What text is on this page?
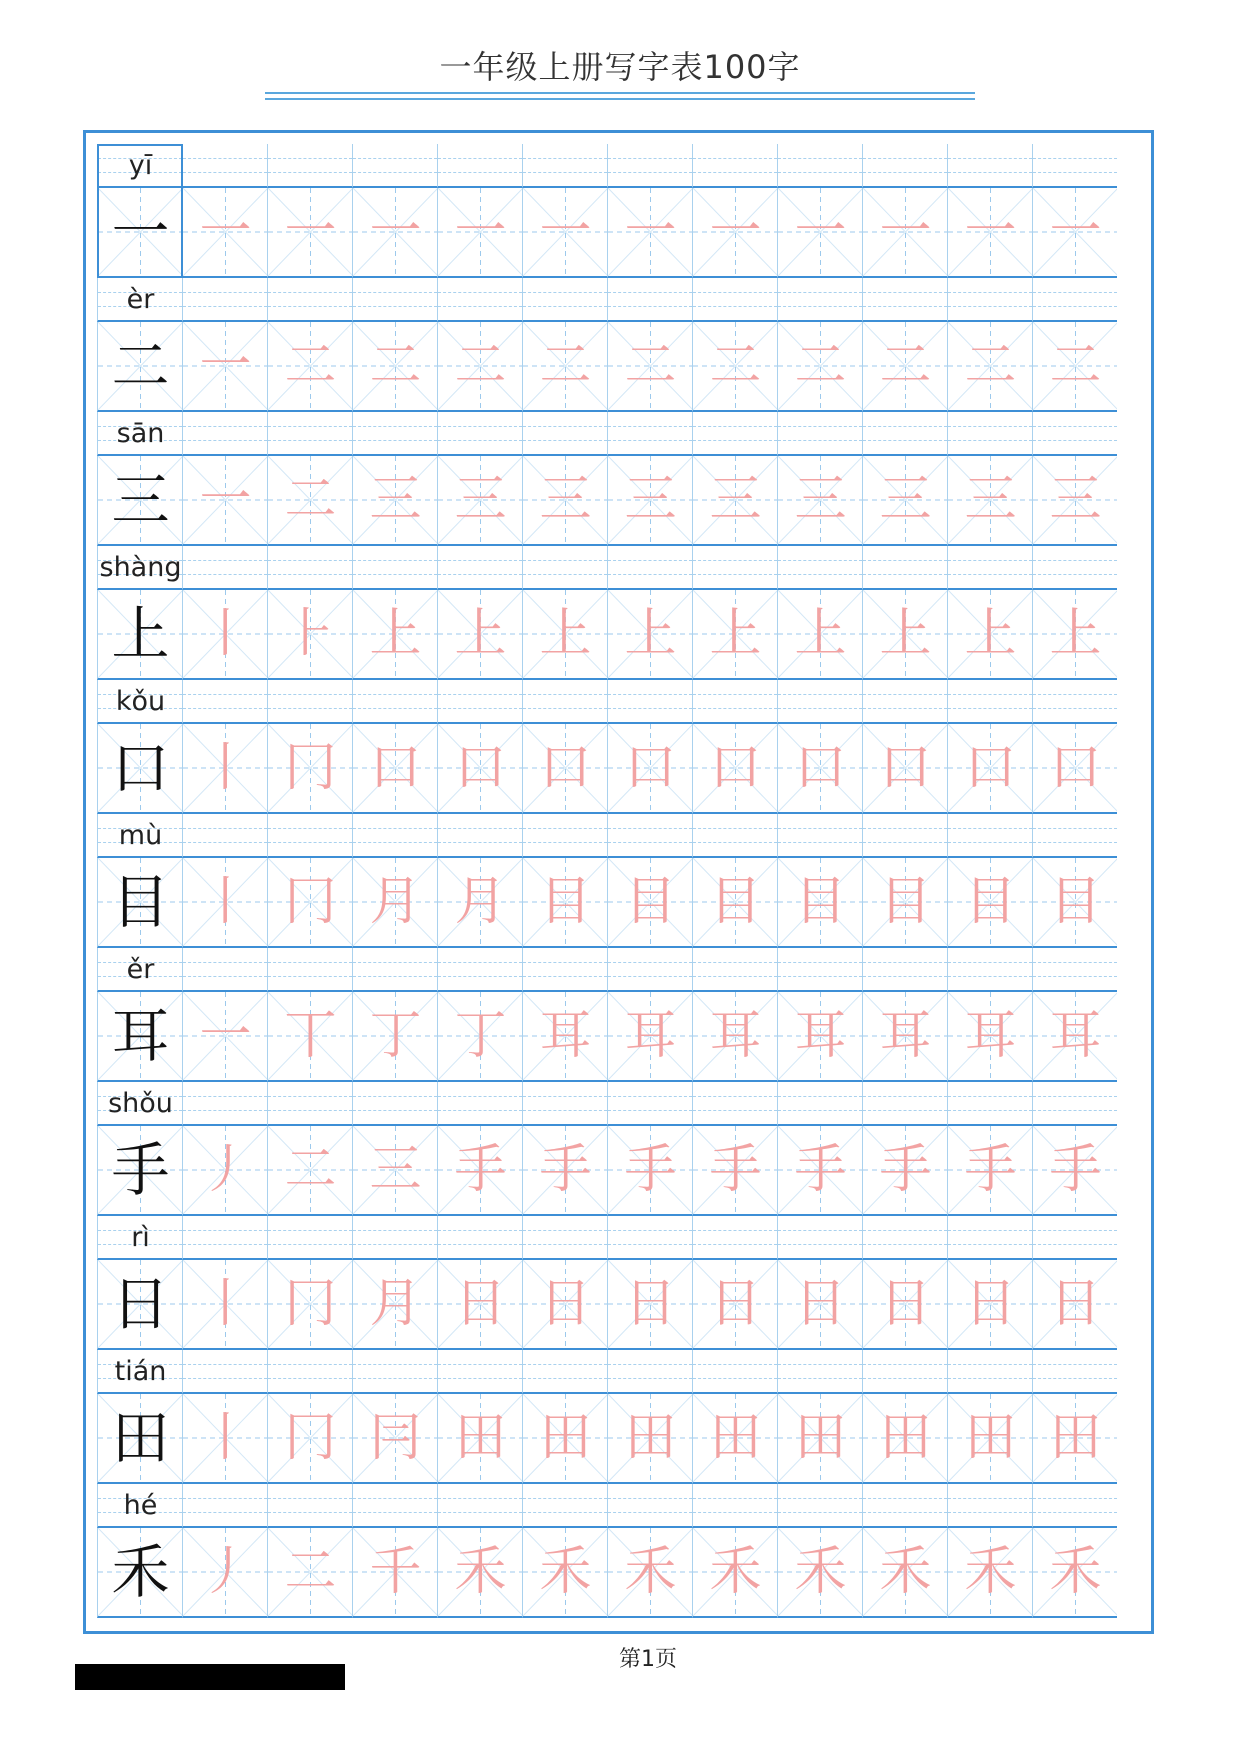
一年级上册写字表100字
yī
一 一 一 一 一 一 一 一 一 一 一 一
èr
二 一 二 二 二 二 二 二 二 二 二 二
sān
三 一 二 三 三 三 三 三 三 三 三 三
shàng
上 丨 ⺊ 上 上 上 上 上 上 上 上 上
kǒu
口 丨 冂 口 口 口 口 口 口 口 口 口
mù
目 丨 冂 月 月 目 目 目 目 目 目 目
ěr
耳 一 丅 丁 丁 耳 耳 耳 耳 耳 耳 耳
shǒu
手 丿 二 三 手 手 手 手 手 手 手 手
rì
日 丨 冂 月 日 日 日 日 日 日 日 日
tián
田 丨 冂 冃 田 田 田 田 田 田 田 田
hé
禾 丿 二 千 禾 禾 禾 禾 禾 禾 禾 禾
第1页
